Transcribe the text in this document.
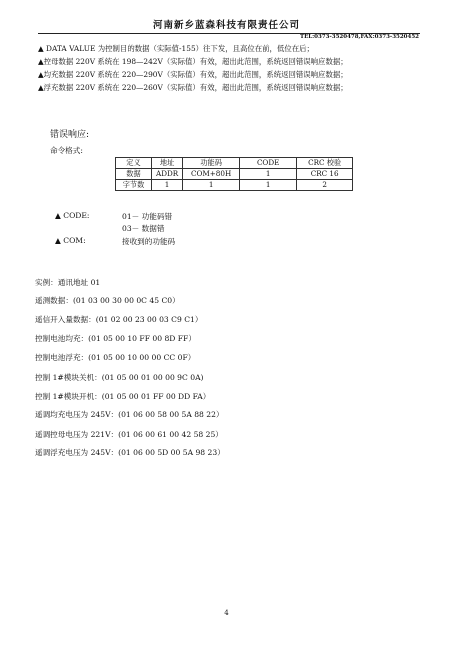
河南新乡蓝森科技有限责任公司
TEL:0373-3520478,FAX:0373-3520452
▲ DATA VALUE 为控制目的数据（实际值-155）往下发，且高位在前，低位在后；
▲控母数据 220V 系统在 198—242V（实际值）有效，超出此范围，系统返回错误响应数据；
▲均充数据 220V 系统在 220—290V（实际值）有效，超出此范围，系统返回错误响应数据；
▲浮充数据 220V 系统在 220—260V（实际值）有效，超出此范围，系统返回错误响应数据；
错误响应:
命令格式:
定义	地址	功能码	CODE	CRC 校验
数据	ADDR	COM+80H	1	CRC 16
字节数	1	1	1	2
▲ CODE:	01－ 功能码错
03－ 数据错
▲ COM:	接收到的功能码
实例：通讯地址 01
遥测数据：(01 03 00 30 00 0C 45 C0）
遥信开入量数据：(01 02 00 23 00 03 C9 C1）
控制电池均充：(01 05 00 10 FF 00 8D FF）
控制电池浮充：(01 05 00 10 00 00 CC 0F）
控制 1#模块关机：(01 05 00 01 00 00 9C 0A)
控制 1#模块开机：(01 05 00 01 FF 00 DD FA）
遥调均充电压为 245V：(01 06 00 58 00 5A 88 22）
遥调控母电压为 221V：(01 06 00 61 00 42 58 25）
遥调浮充电压为 245V：(01 06 00 5D 00 5A 98 23）
4
